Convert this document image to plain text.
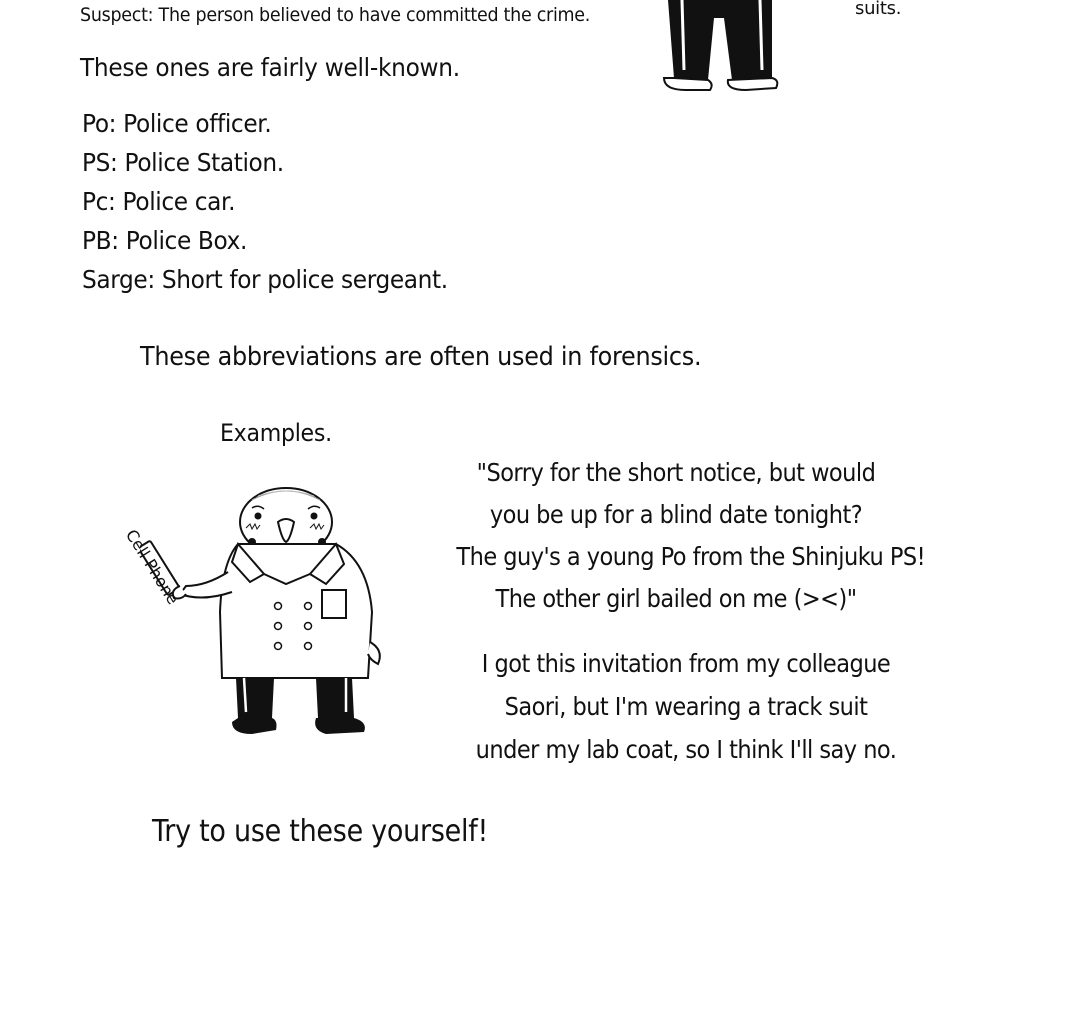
Suspect: The person believed to have committed the crime.	suits.
These ones are fairly well-known.
Po: Police officer.
PS: Police Station.
Pc: Police car.
PB: Police Box.
Sarge: Short for police sergeant.
These abbreviations are often used in forensics.
Examples.
Cell Phone
"Sorry for the short notice, but would
you be up for a blind date tonight?
The guy's a young Po from the Shinjuku PS!
The other girl bailed on me (><)"
I got this invitation from my colleague
Saori, but I'm wearing a track suit
under my lab coat, so I think I'll say no.
Try to use these yourself!
